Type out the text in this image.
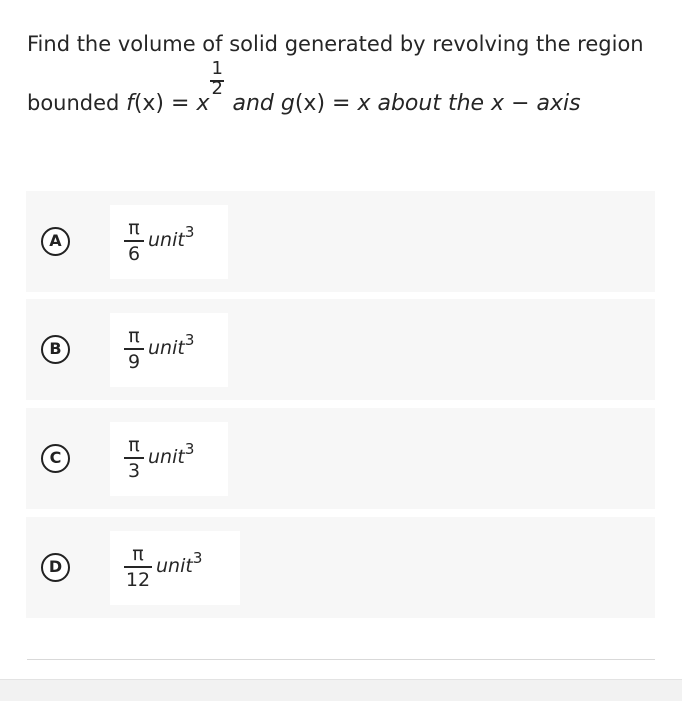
Find the volume of solid generated by revolving the region
bounded f(x) = x $\frac{1}{2}$ and g(x) = x about the x − axis
A
π
6
unit$^3$
B
π
9
unit$^3$
C
π
3
unit$^3$
D
π
12
unit$^3$
